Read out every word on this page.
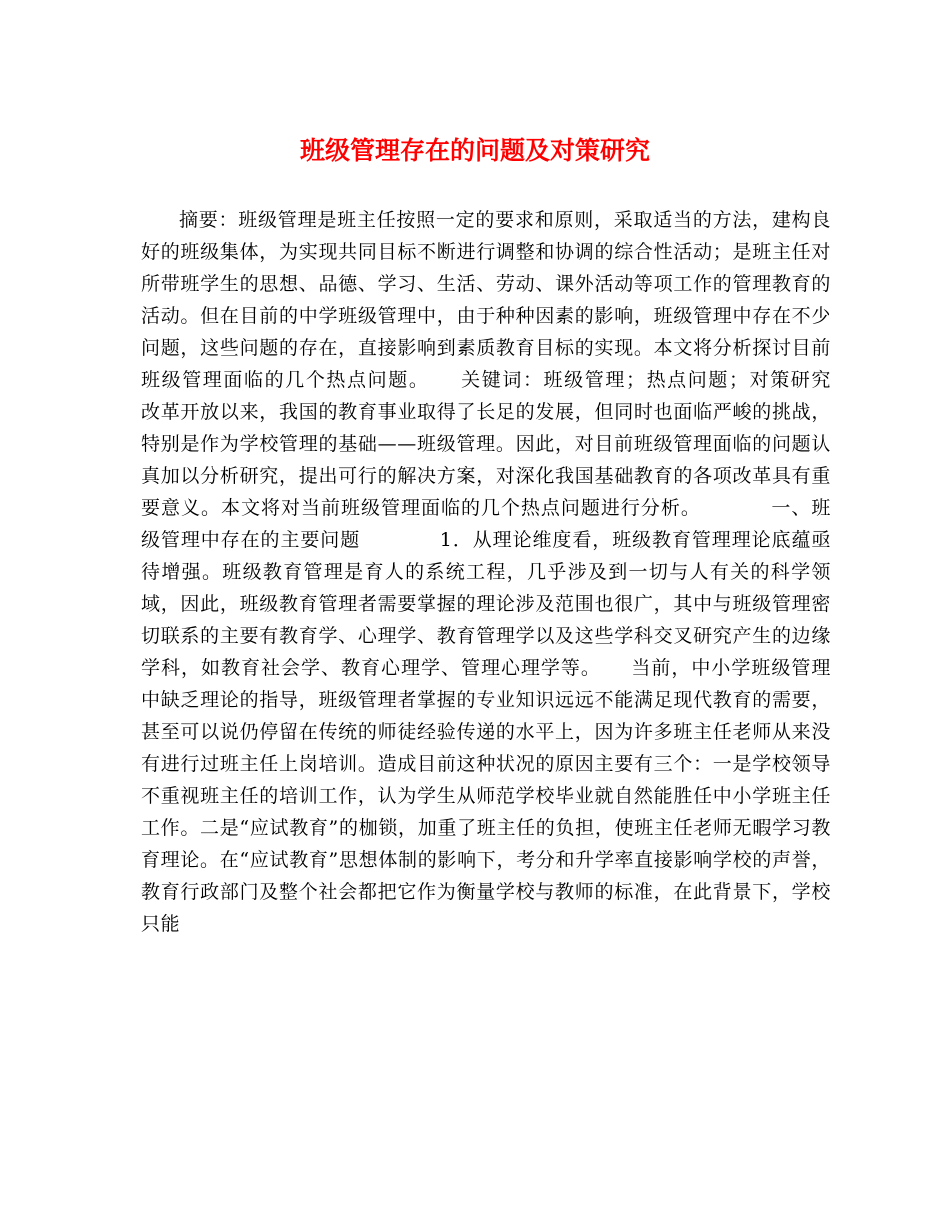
班级管理存在的问题及对策研究

摘要：班级管理是班主任按照一定的要求和原则，采取适当的方法，建构良好的班级集体，为实现共同目标不断进行调整和协调的综合性活动；是班主任对所带班学生的思想、品德、学习、生活、劳动、课外活动等项工作的管理教育的活动。但在目前的中学班级管理中，由于种种因素的影响，班级管理中存在不少问题，这些问题的存在，直接影响到素质教育目标的实现。本文将分析探讨目前班级管理面临的几个热点问题。　　关键词：班级管理；热点问题；对策研究　　　　改革开放以来，我国的教育事业取得了长足的发展，但同时也面临严峻的挑战，特别是作为学校管理的基础——班级管理。因此，对目前班级管理面临的问题认真加以分析研究，提出可行的解决方案，对深化我国基础教育的各项改革具有重要意义。本文将对当前班级管理面临的几个热点问题进行分析。　　　　一、班级管理中存在的主要问题　　　　1．从理论维度看，班级教育管理理论底蕴亟待增强。班级教育管理是育人的系统工程，几乎涉及到一切与人有关的科学领域，因此，班级教育管理者需要掌握的理论涉及范围也很广，其中与班级管理密切联系的主要有教育学、心理学、教育管理学以及这些学科交叉研究产生的边缘学科，如教育社会学、教育心理学、管理心理学等。　　当前，中小学班级管理中缺乏理论的指导，班级管理者掌握的专业知识远远不能满足现代教育的需要，甚至可以说仍停留在传统的师徒经验传递的水平上，因为许多班主任老师从来没有进行过班主任上岗培训。造成目前这种状况的原因主要有三个：一是学校领导不重视班主任的培训工作，认为学生从师范学校毕业就自然能胜任中小学班主任工作。二是“应试教育”的枷锁，加重了班主任的负担，使班主任老师无暇学习教育理论。在“应试教育”思想体制的影响下，考分和升学率直接影响学校的声誉，教育行政部门及整个社会都把它作为衡量学校与教师的标准，在此背景下，学校只能
